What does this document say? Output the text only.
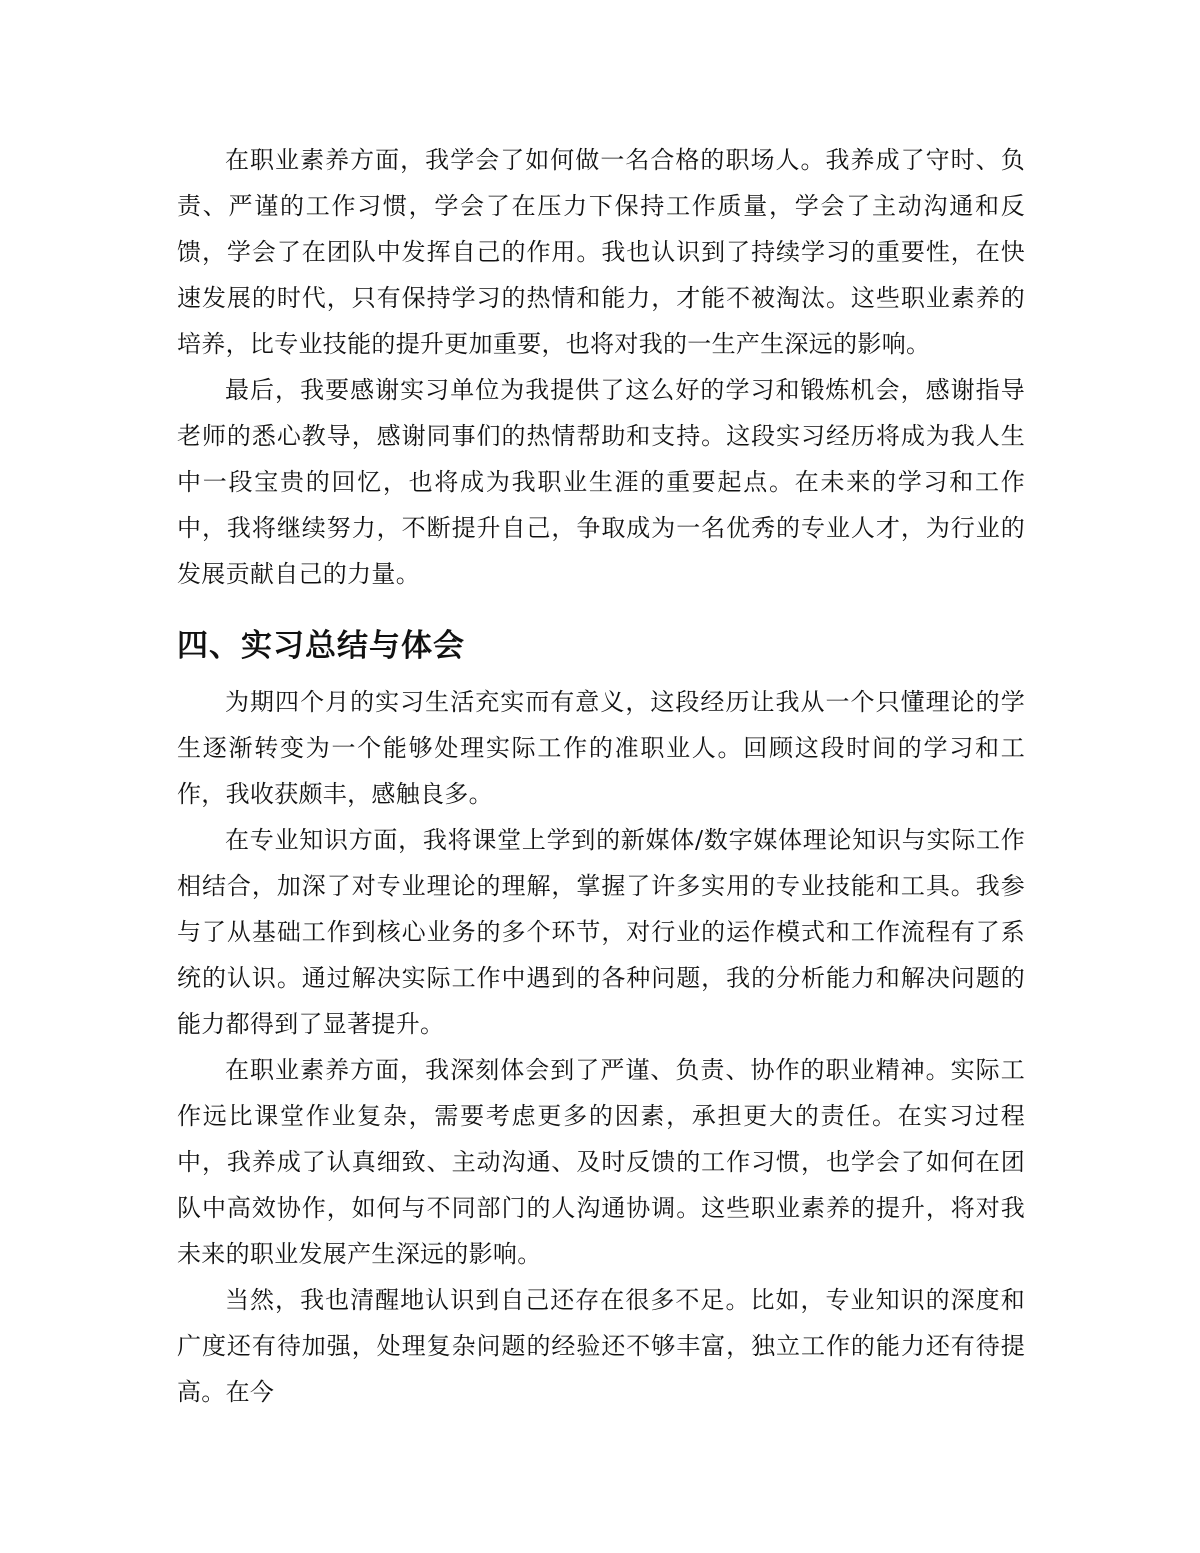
在职业素养方面，我学会了如何做一名合格的职场人。我养成了守时、负责、严谨的工作习惯，学会了在压力下保持工作质量，学会了主动沟通和反馈，学会了在团队中发挥自己的作用。我也认识到了持续学习的重要性，在快速发展的时代，只有保持学习的热情和能力，才能不被淘汰。这些职业素养的培养，比专业技能的提升更加重要，也将对我的一生产生深远的影响。

最后，我要感谢实习单位为我提供了这么好的学习和锻炼机会，感谢指导老师的悉心教导，感谢同事们的热情帮助和支持。这段实习经历将成为我人生中一段宝贵的回忆，也将成为我职业生涯的重要起点。在未来的学习和工作中，我将继续努力，不断提升自己，争取成为一名优秀的专业人才，为行业的发展贡献自己的力量。

四、实习总结与体会

为期四个月的实习生活充实而有意义，这段经历让我从一个只懂理论的学生逐渐转变为一个能够处理实际工作的准职业人。回顾这段时间的学习和工作，我收获颇丰，感触良多。

在专业知识方面，我将课堂上学到的新媒体/数字媒体理论知识与实际工作相结合，加深了对专业理论的理解，掌握了许多实用的专业技能和工具。我参与了从基础工作到核心业务的多个环节，对行业的运作模式和工作流程有了系统的认识。通过解决实际工作中遇到的各种问题，我的分析能力和解决问题的能力都得到了显著提升。

在职业素养方面，我深刻体会到了严谨、负责、协作的职业精神。实际工作远比课堂作业复杂，需要考虑更多的因素，承担更大的责任。在实习过程中，我养成了认真细致、主动沟通、及时反馈的工作习惯，也学会了如何在团队中高效协作，如何与不同部门的人沟通协调。这些职业素养的提升，将对我未来的职业发展产生深远的影响。

当然，我也清醒地认识到自己还存在很多不足。比如，专业知识的深度和广度还有待加强，处理复杂问题的经验还不够丰富，独立工作的能力还有待提高。在今
